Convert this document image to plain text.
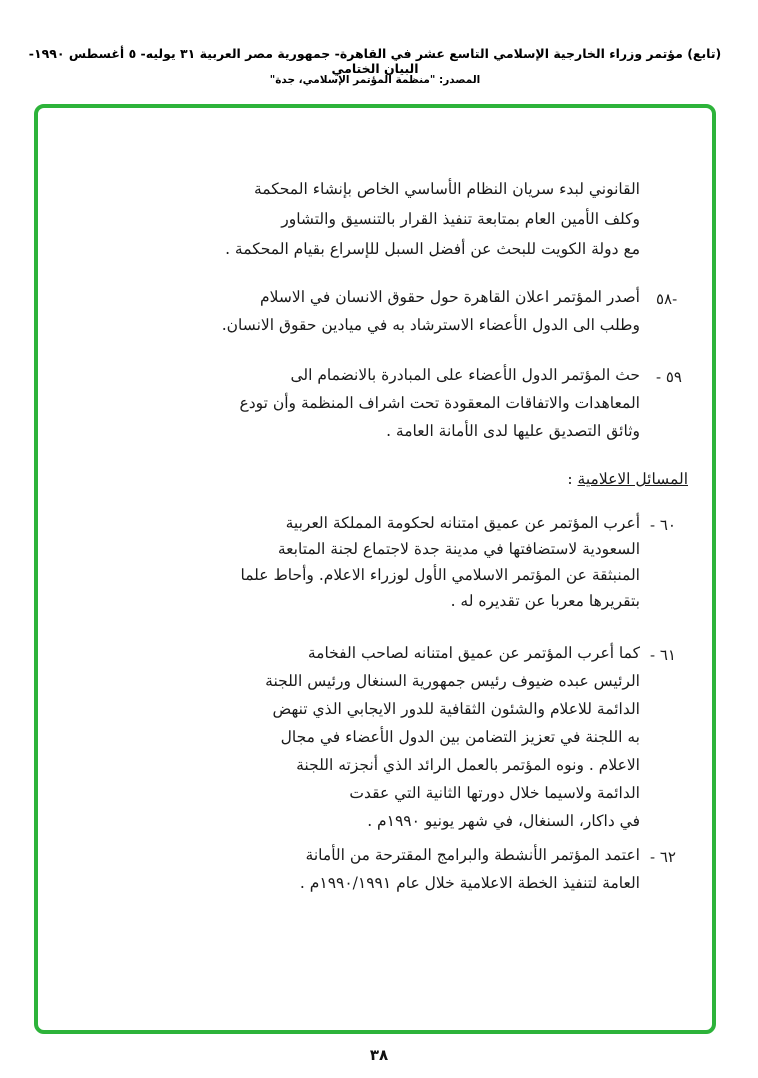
(تابع) مؤتمر وزراء الخارجية الإسلامي التاسع عشر في القاهرة- جمهورية مصر العربية ٣١ يوليه- ٥ أغسطس ١٩٩٠- البيان الختامي
المصدر: "منظمة المؤتمر الإسلامي، جدة"
القانوني لبدء سريان النظام الأساسي الخاص بإنشاء المحكمة
وكلف الأمين العام بمتابعة تنفيذ القرار بالتنسيق والتشاور
مع دولة الكويت للبحث عن أفضل السبل للإسراع بقيام المحكمة .
-٥٨
أصدر المؤتمر اعلان القاهرة حول حقوق الانسان في الاسلام
وطلب الى الدول الأعضاء الاسترشاد به في ميادين حقوق الانسان.
٥٩ -
حث المؤتمر الدول الأعضاء على المبادرة بالانضمام الى
المعاهدات والاتفاقات المعقودة تحت اشراف المنظمة وأن تودع
وثائق التصديق عليها لدى الأمانة العامة .
المسائل الاعلامية :
٦٠ -
أعرب المؤتمر عن عميق امتنانه لحكومة المملكة العربية
السعودية لاستضافتها في مدينة جدة لاجتماع لجنة المتابعة
المنبثقة عن المؤتمر الاسلامي الأول لوزراء الاعلام. وأحاط علما
بتقريرها معربا عن تقديره له .
٦١ -
كما أعرب المؤتمر عن عميق امتنانه لصاحب الفخامة
الرئيس عبده ضيوف رئيس جمهورية السنغال ورئيس اللجنة
الدائمة للاعلام والشئون الثقافية للدور الايجابي الذي تنهض
به اللجنة في تعزيز التضامن بين الدول الأعضاء في مجال
الاعلام . ونوه المؤتمر بالعمل الرائد الذي أنجزته اللجنة
الدائمة ولاسيما خلال دورتها الثانية التي عقدت
في داكار، السنغال، في شهر يونيو ١٩٩٠م .
٦٢ -
اعتمد المؤتمر الأنشطة والبرامج المقترحة من الأمانة
العامة لتنفيذ الخطة الاعلامية خلال عام ١٩٩٠/١٩٩١م .
٣٨
